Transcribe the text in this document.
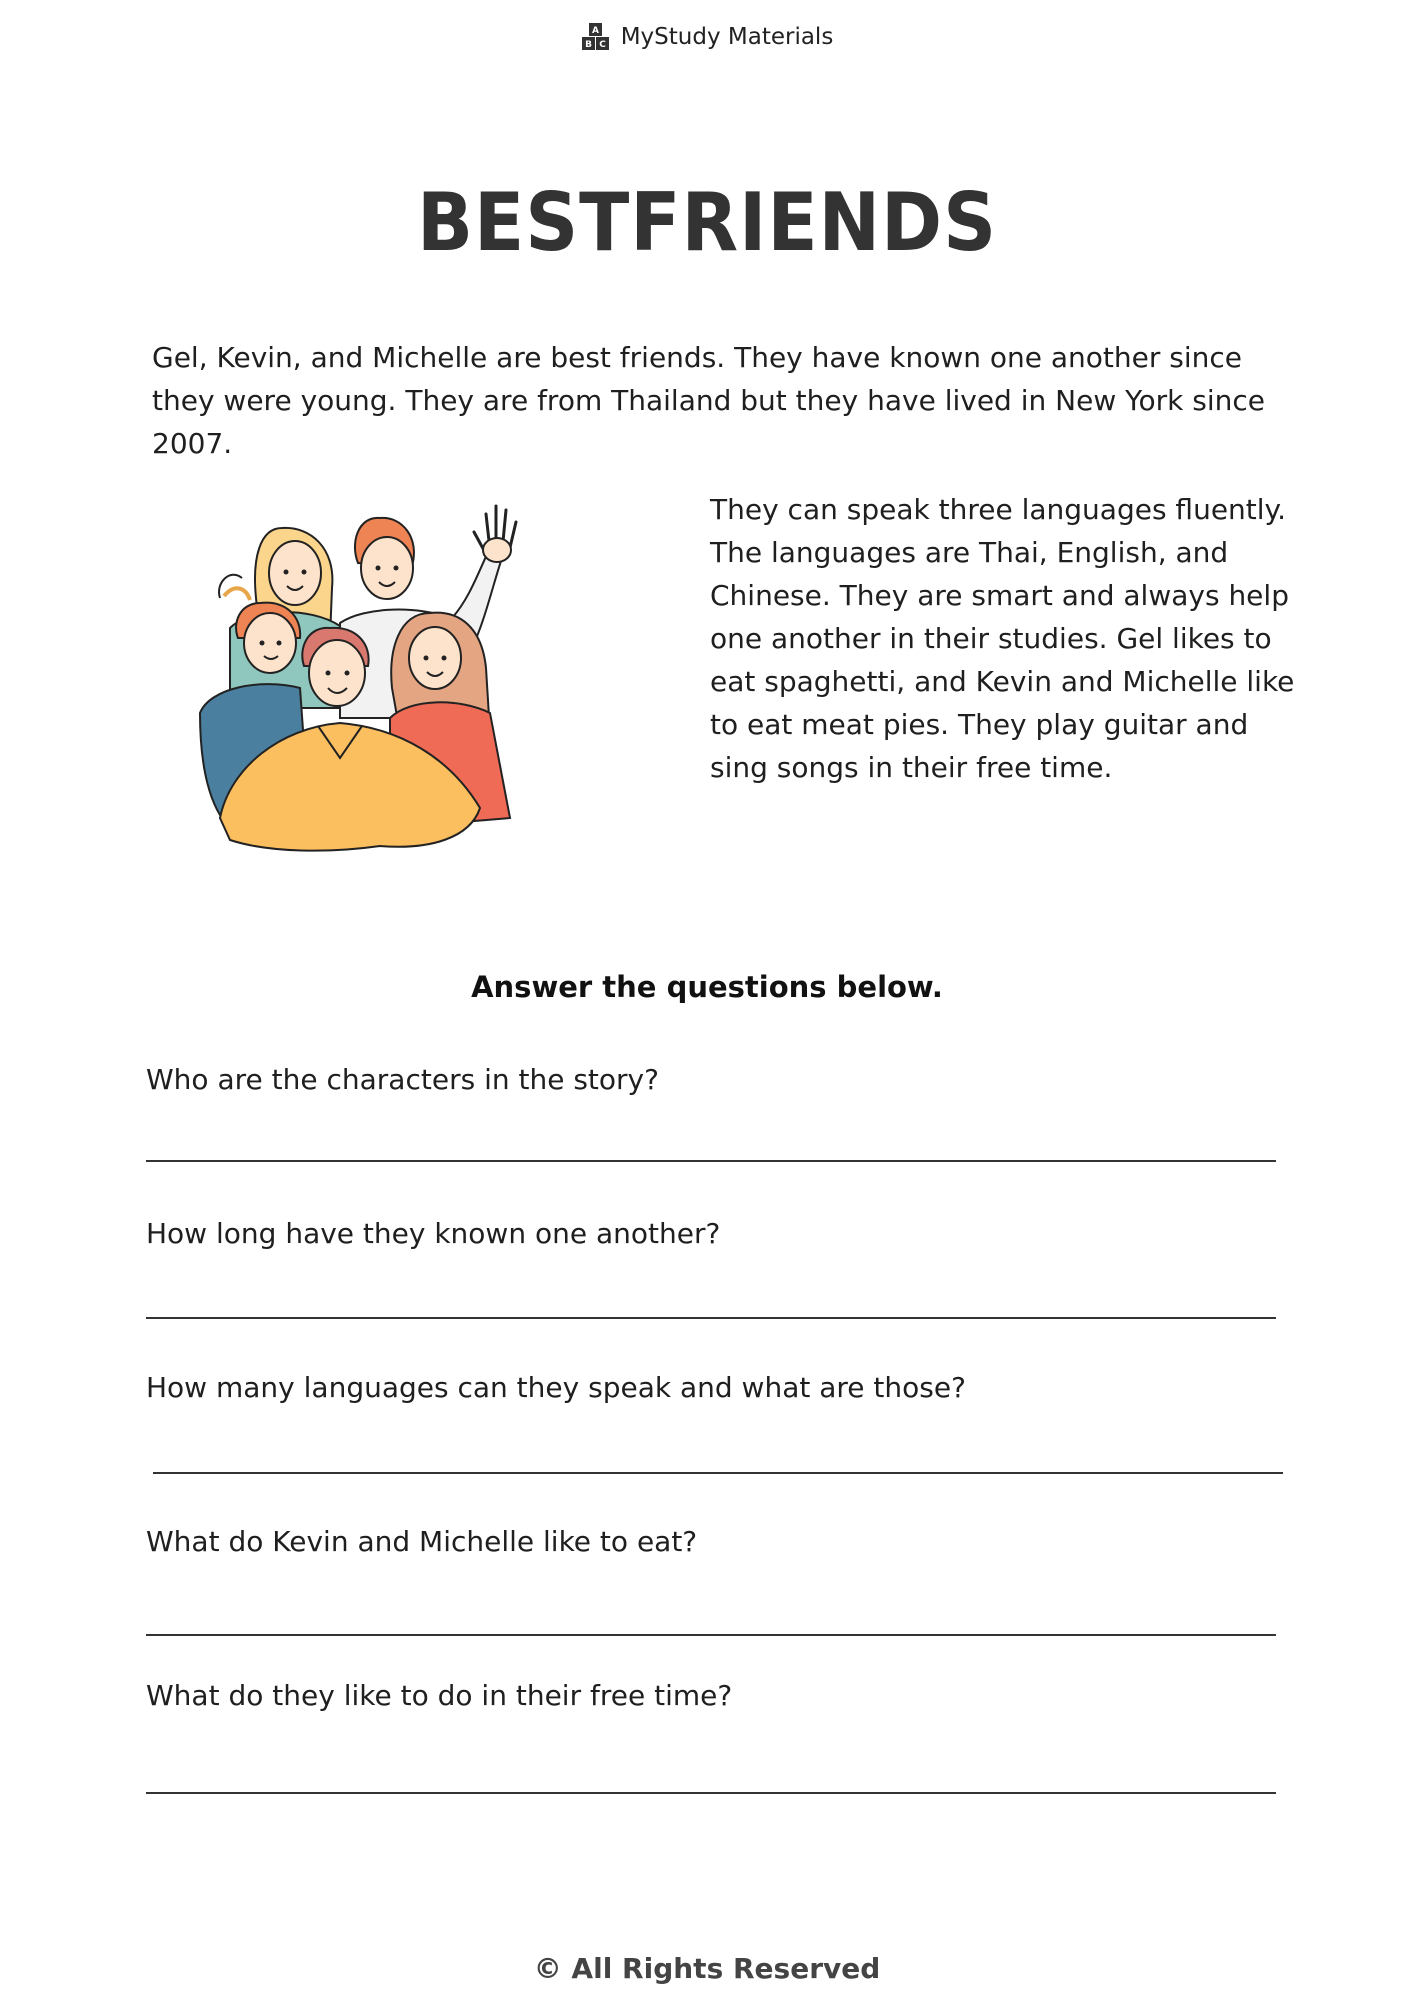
A
B C MyStudy Materials
BESTFRIENDS
Gel, Kevin, and Michelle are best friends. They have known one another since they were young. They are from Thailand but they have lived in New York since 2007.
They can speak three languages fluently. The languages are Thai, English, and Chinese. They are smart and always help one another in their studies. Gel likes to eat spaghetti, and Kevin and Michelle like to eat meat pies. They play guitar and sing songs in their free time.
Answer the questions below.
Who are the characters in the story?
How long have they known one another?
How many languages can they speak and what are those?
What do Kevin and Michelle like to eat?
What do they like to do in their free time?
© All Rights Reserved
